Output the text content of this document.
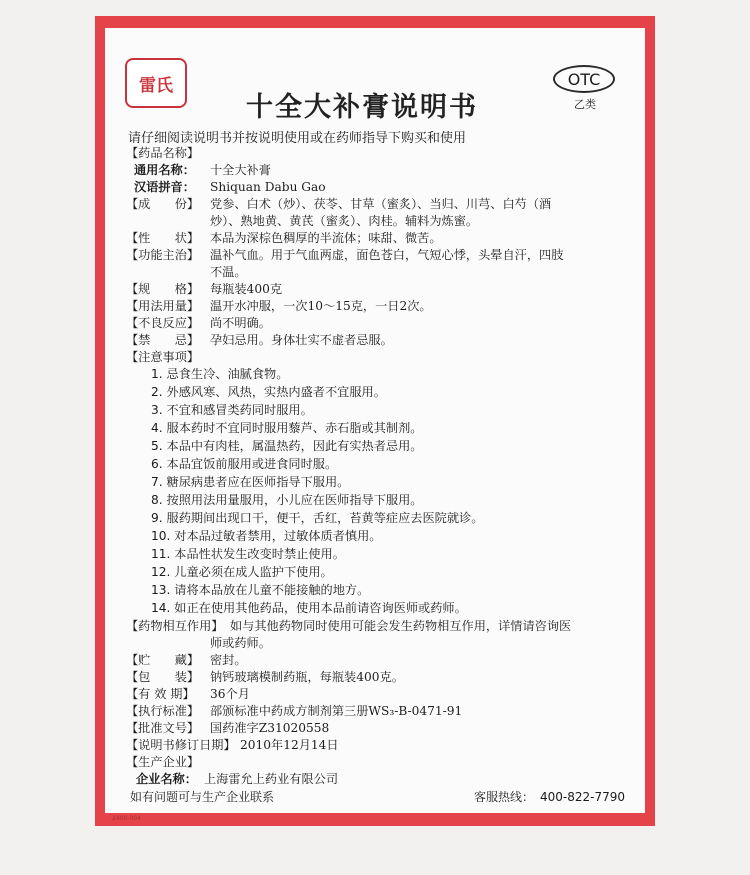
雷氏	OTC
乙类
十全大补膏说明书
请仔细阅读说明书并按说明使用或在药师指导下购买和使用
【药品名称】
通用名称： 十全大补膏
汉语拼音： Shiquan Dabu Gao
【成　　份】 党参、白术（炒）、茯苓、甘草（蜜炙）、当归、川芎、白芍（酒
炒）、熟地黄、黄芪（蜜炙）、肉桂。辅料为炼蜜。
【性　　状】 本品为深棕色稠厚的半流体；味甜、微苦。
【功能主治】 温补气血。用于气血两虚，面色苍白，气短心悸，头晕自汗，四肢
不温。
【规　　格】 每瓶装400克
【用法用量】 温开水冲服，一次10～15克，一日2次。
【不良反应】 尚不明确。
【禁　　忌】 孕妇忌用。身体壮实不虚者忌服。
【注意事项】
1. 忌食生冷、油腻食物。
2. 外感风寒、风热，实热内盛者不宜服用。
3. 不宜和感冒类药同时服用。
4. 服本药时不宜同时服用藜芦、赤石脂或其制剂。
5. 本品中有肉桂，属温热药，因此有实热者忌用。
6. 本品宜饭前服用或进食同时服。
7. 糖尿病患者应在医师指导下服用。
8. 按照用法用量服用，小儿应在医师指导下服用。
9. 服药期间出现口干，便干，舌红，苔黄等症应去医院就诊。
10. 对本品过敏者禁用，过敏体质者慎用。
11. 本品性状发生改变时禁止使用。
12. 儿童必须在成人监护下使用。
13. 请将本品放在儿童不能接触的地方。
14. 如正在使用其他药品，使用本品前请咨询医师或药师。
【药物相互作用】 如与其他药物同时使用可能会发生药物相互作用，详情请咨询医
师或药师。
【贮　　藏】 密封。
【包　　装】 钠钙玻璃模制药瓶，每瓶装400克。
【有 效 期】 36个月
【执行标准】 部颁标准中药成方制剂第三册WS₃-B-0471-91
【批准文号】 国药准字Z31020558
【说明书修订日期】 2010年12月14日
【生产企业】
企业名称： 上海雷允上药业有限公司
如有问题可与生产企业联系	客服热线：　400-822-7790
2400-004
